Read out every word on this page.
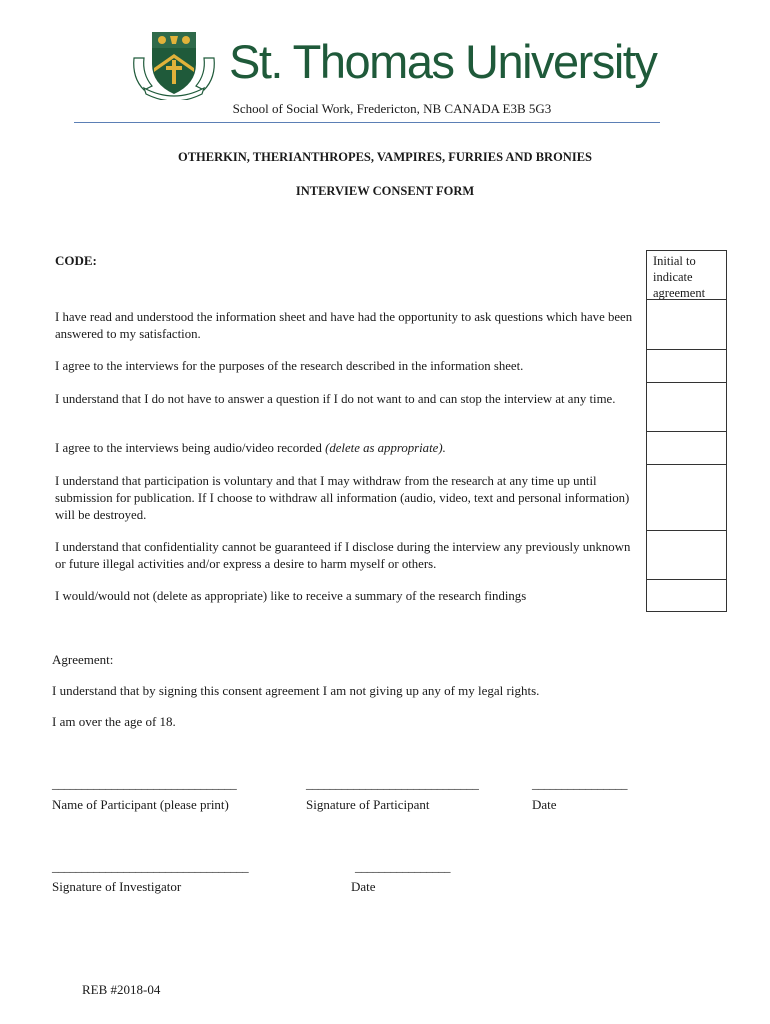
St. Thomas University
School of Social Work, Fredericton, NB CANADA E3B 5G3
OTHERKIN, THERIANTHROPES, VAMPIRES, FURRIES AND BRONIES
INTERVIEW CONSENT FORM
CODE:	Initial to
indicate
agreement
I have read and understood the information sheet and have had the opportunity to ask questions which have been answered to my satisfaction.
I agree to the interviews for the purposes of the research described in the information sheet.
I understand that I do not have to answer a question if I do not want to and can stop the interview at any time.
I agree to the interviews being audio/video recorded (delete as appropriate).
I understand that participation is voluntary and that I may withdraw from the research at any time up until submission for publication. If I choose to withdraw all information (audio, video, text and personal information) will be destroyed.
I understand that confidentiality cannot be guaranteed if I disclose during the interview any previously unknown or future illegal activities and/or express a desire to harm myself or others.
I would/would not (delete as appropriate) like to receive a summary of the research findings
Agreement:
I understand that by signing this consent agreement I am not giving up any of my legal rights.
I am over the age of 18.
_______________________________	_____________________________	________________
Name of Participant (please print)	Signature of Participant	Date
_________________________________	________________
Signature of Investigator	Date
REB #2018-04
